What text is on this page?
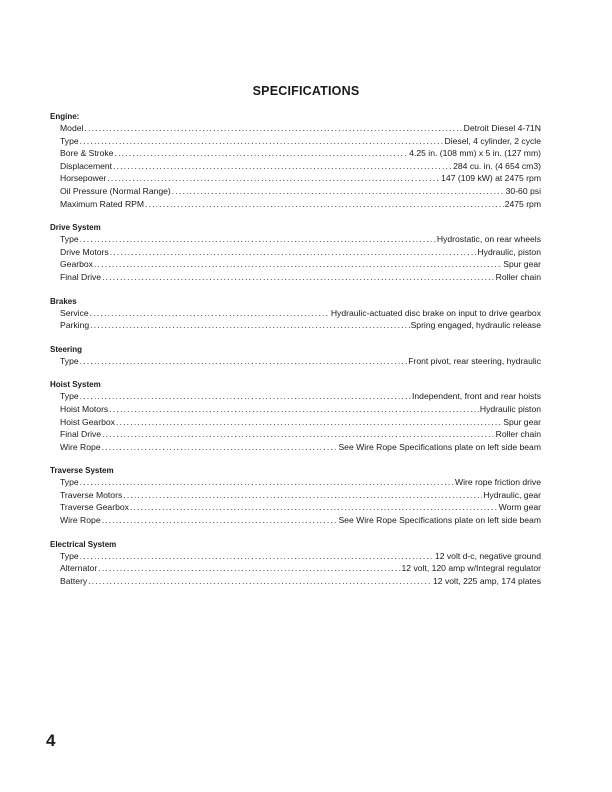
SPECIFICATIONS
Engine:
Model . . .	Detroit Diesel 4-71N
Type . . .	Diesel, 4 cylinder, 2 cycle
Bore & Stroke . . .	4.25 in. (108 mm) x 5 in. (127 mm)
Displacement . . .	284 cu. in. (4 654 cm3)
Horsepower . . .	147 (109 kW) at 2475 rpm
Oil Pressure (Normal Range) . . .	30-60 psi
Maximum Rated RPM . . .	2475 rpm
Drive System
Type . . .	Hydrostatic, on rear wheels
Drive Motors . . .	Hydraulic, piston
Gearbox . . .	Spur gear
Final Drive . . .	Roller chain
Brakes
Service . . .	Hydraulic-actuated disc brake on input to drive gearbox
Parking . . .	Spring engaged, hydraulic release
Steering
Type . . .	Front pivot, rear steering, hydraulic
Hoist System
Type . . .	Independent, front and rear hoists
Hoist Motors . . .	Hydraulic piston
Hoist Gearbox . . .	Spur gear
Final Drive . . .	Roller chain
Wire Rope . . .	See Wire Rope Specifications plate on left side beam
Traverse System
Type . . .	Wire rope friction drive
Traverse Motors . . .	Hydraulic, gear
Traverse Gearbox . . .	Worm gear
Wire Rope . . .	See Wire Rope Specifications plate on left side beam
Electrical System
Type . . .	12 volt d-c, negative ground
Alternator . . .	12 volt, 120 amp w/Integral regulator
Battery . . .	12 volt, 225 amp, 174 plates
4
